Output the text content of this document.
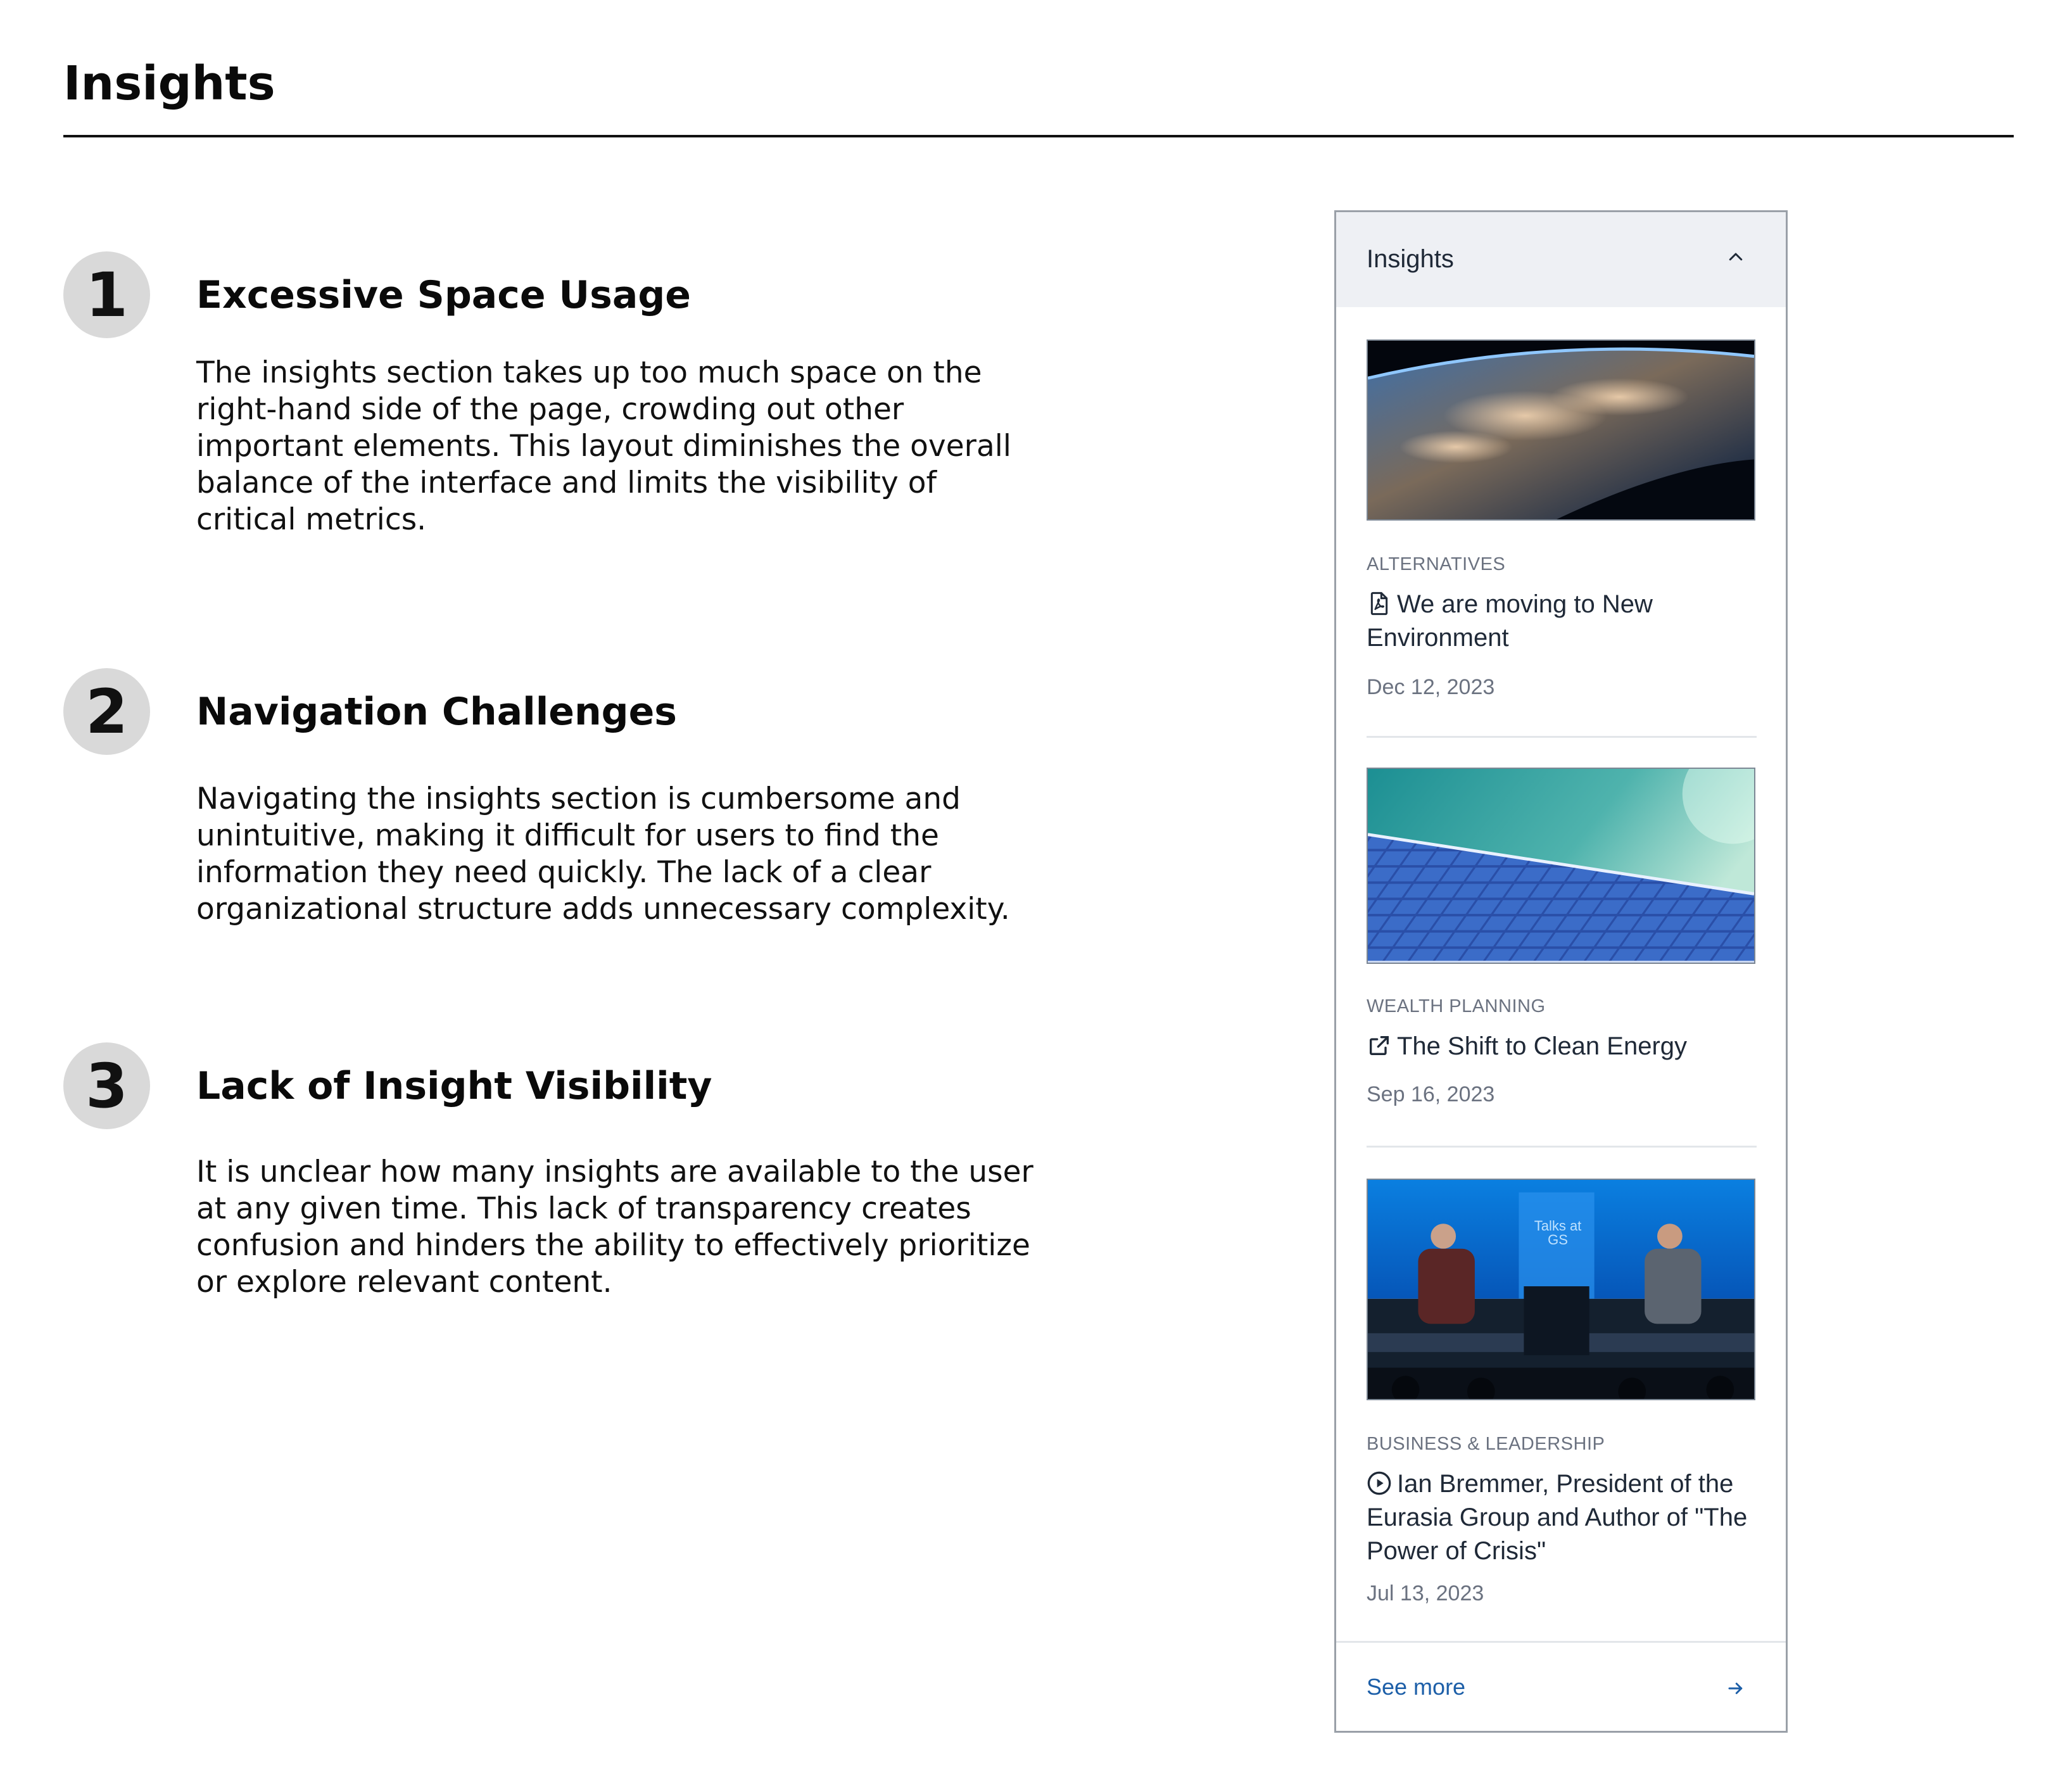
Insights
1	Excessive Space Usage
The insights section takes up too much space on the right-hand side of the page, crowding out other important elements. This layout diminishes the overall balance of the interface and limits the visibility of critical metrics.
2	Navigation Challenges
Navigating the insights section is cumbersome and unintuitive, making it difficult for users to find the information they need quickly. The lack of a clear organizational structure adds unnecessary complexity.
3	Lack of Insight Visibility
It is unclear how many insights are available to the user at any given time. This lack of transparency creates confusion and hinders the ability to effectively prioritize or explore relevant content.
Insights
ALTERNATIVES
We are moving to New Environment
Dec 12, 2023
WEALTH PLANNING
The Shift to Clean Energy
Sep 16, 2023
Talks at GS
BUSINESS & LEADERSHIP
Ian Bremmer, President of the Eurasia Group and Author of "The Power of Crisis"
Jul 13, 2023
See more
